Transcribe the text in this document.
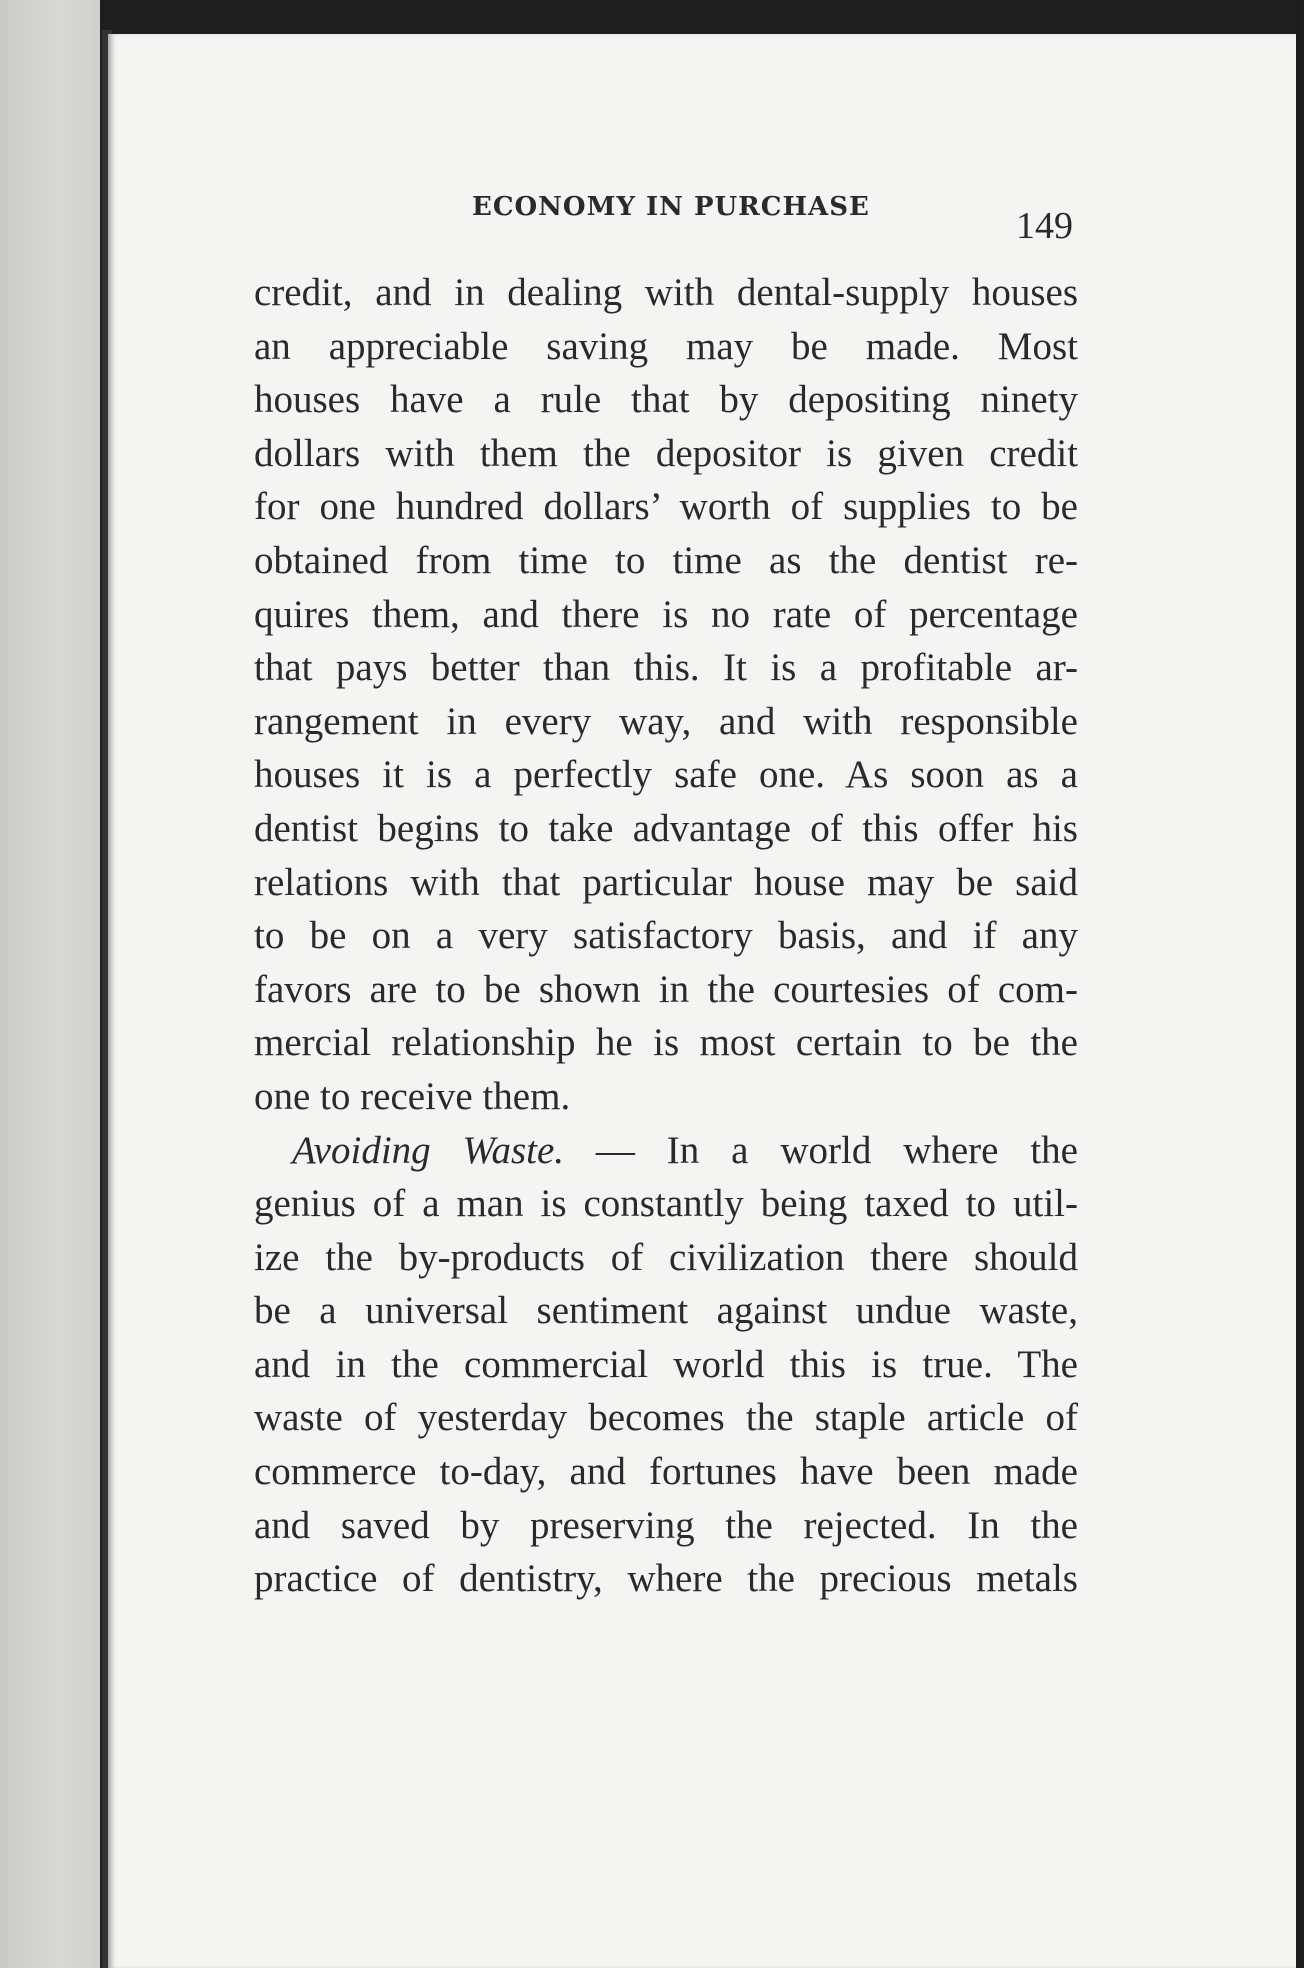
ECONOMY IN PURCHASE	149
credit, and in dealing with dental-supply houses
an appreciable saving may be made. Most
houses have a rule that by depositing ninety
dollars with them the depositor is given credit
for one hundred dollars’ worth of supplies to be
obtained from time to time as the dentist re-
quires them, and there is no rate of percentage
that pays better than this. It is a profitable ar-
rangement in every way, and with responsible
houses it is a perfectly safe one. As soon as a
dentist begins to take advantage of this offer his
relations with that particular house may be said
to be on a very satisfactory basis, and if any
favors are to be shown in the courtesies of com-
mercial relationship he is most certain to be the
one to receive them.
Avoiding Waste. — In a world where the
genius of a man is constantly being taxed to util-
ize the by-products of civilization there should
be a universal sentiment against undue waste,
and in the commercial world this is true. The
waste of yesterday becomes the staple article of
commerce to-day, and fortunes have been made
and saved by preserving the rejected. In the
practice of dentistry, where the precious metals
